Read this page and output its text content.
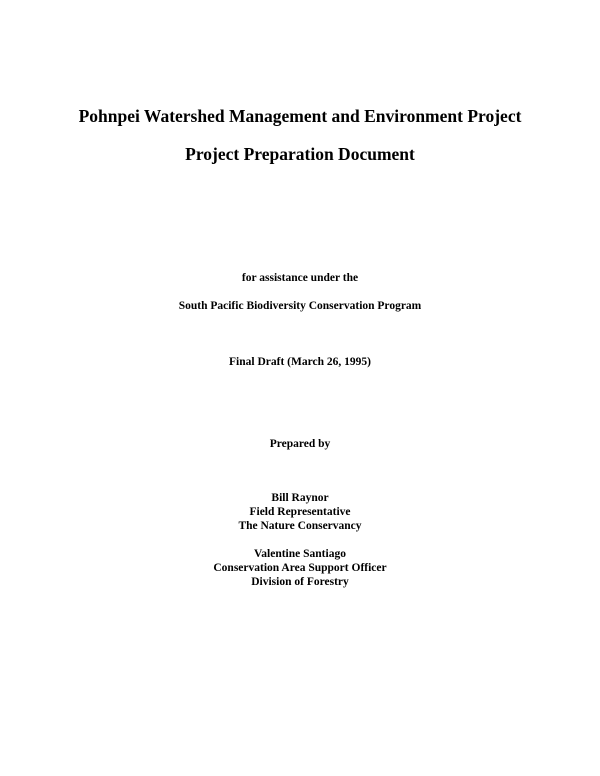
Pohnpei Watershed Management and Environment Project
Project Preparation Document
for assistance under the
South Pacific Biodiversity Conservation Program
Final Draft (March 26, 1995)
Prepared by
Bill Raynor
Field Representative
The Nature Conservancy
Valentine Santiago
Conservation Area Support Officer
Division of Forestry
